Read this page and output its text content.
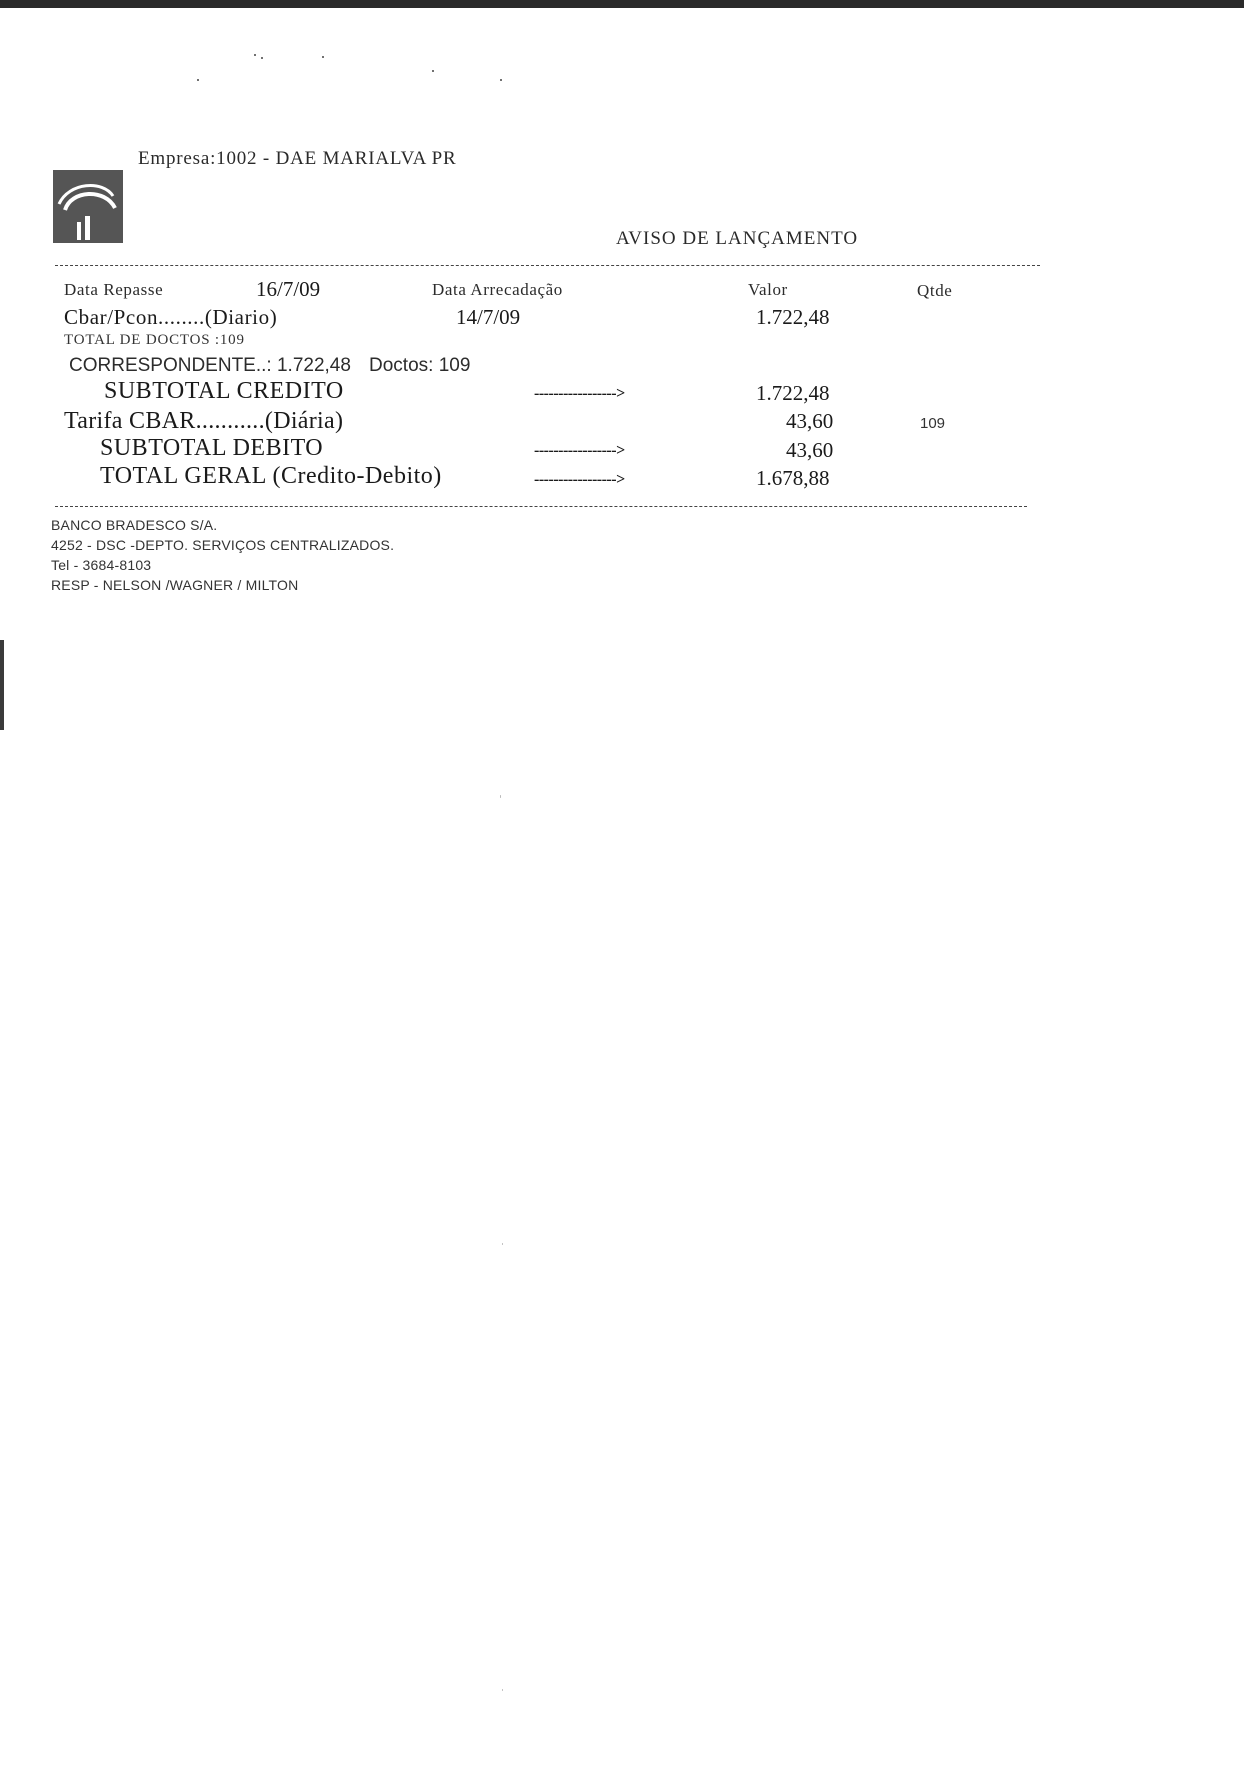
Empresa:1002 - DAE MARIALVA PR
AVISO DE LANÇAMENTO
Data Repasse	16/7/09	Data Arrecadação	Valor	Qtde
Cbar/Pcon........(Diario)	14/7/09	1.722,48
TOTAL DE DOCTOS :109
CORRESPONDENTE..: 1.722,48 Doctos: 109
SUBTOTAL CREDITO	----------------->	1.722,48
Tarifa CBAR...........(Diária)	43,60	109
SUBTOTAL DEBITO	----------------->	43,60
TOTAL GERAL (Credito-Debito)	----------------->	1.678,88
BANCO BRADESCO S/A.
4252 - DSC -DEPTO. SERVIÇOS CENTRALIZADOS.
Tel - 3684-8103
RESP - NELSON /WAGNER / MILTON
